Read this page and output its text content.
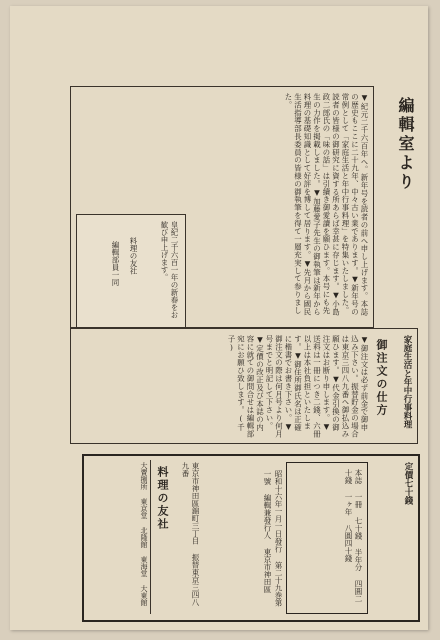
編輯室より
▼紀元二千六百年へ。新年号を読者の前へ申し上げます。本誌の歴史もここに二十九年、中々古い業であります。▼新年号の常例として「家庭生活と年中行事料理」を特集いたしました。読者の皆様の御研究に資する所あらば幸甚に存じます。▼小島政二郎氏の「味の話」は引續き御愛讀を願ひます。本号にも先生の力作を掲載しました。▼加藤愛子先生の御執筆は新年から料理の基礎知識として好評を博して居ります。▼先月から國民生活指導部長委員の皆様の御執筆を得て一層充実して参りました。
皇紀二千六百一年の新春をお歓び申上げます。
料理の友社
編輯部員一同
家庭生活と年中行事料理
御注文の仕方
▼御注文は必ず前金で御申込み下さい。振替貯金の場合は東京三四八九番へ御払込み願ひます。▼代金引換の御注文はお断り申します。▼送料は一冊につき二錢、六冊以上は本社負担といたします。▼御住所御氏名は正確に楷書でお書き下さい。▼御注文の際は何月号より何月号までと明記して下さい。▼定價の改正及び本誌の内容に就ての御問合せは編輯部宛にお願ひ致します。(千子)
定價七十錢
本誌 一冊 七十錢 半年分 四圓二十錢 一ヶ年 八圓四十錢
昭和十六年一月一日發行 第二十九巻第一號 編輯兼發行人 東京市神田區
東京市神田區錦町三丁目 振替東京三四八九番
料理の友社
大賣捌所 東京堂 北隆館 東海堂 大東館
